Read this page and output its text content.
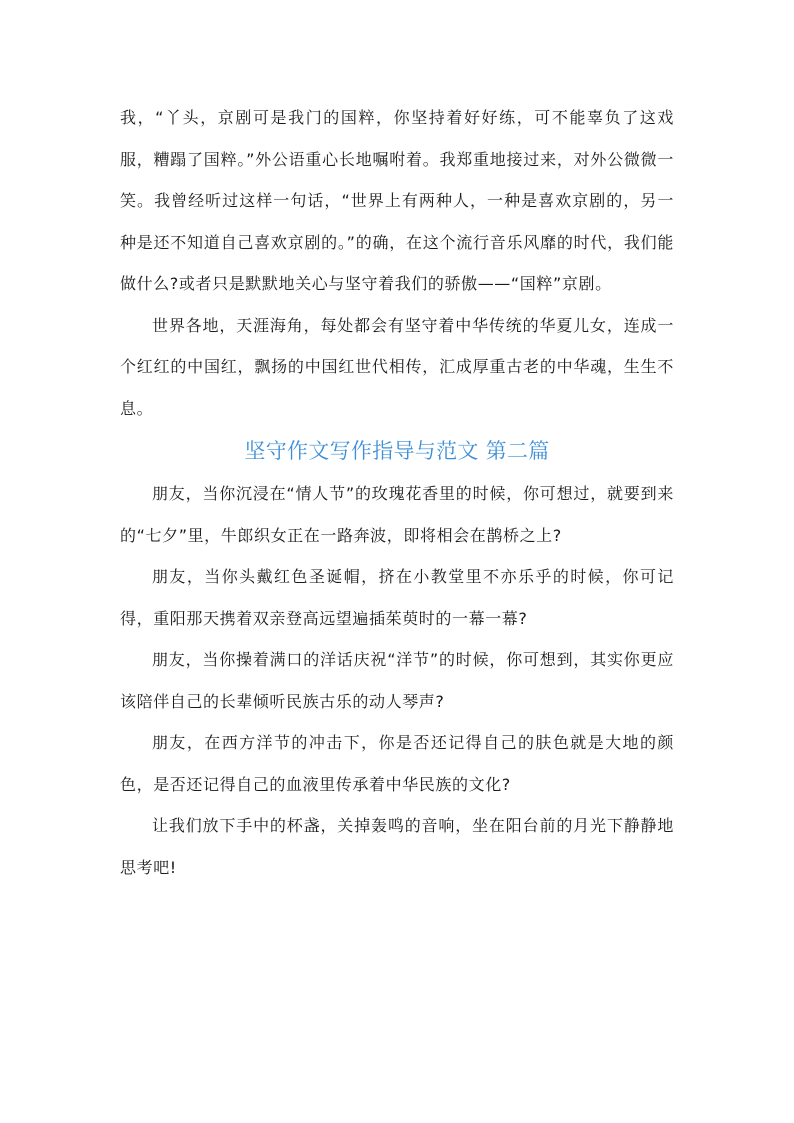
我，“丫头，京剧可是我门的国粹，你坚持着好好练，可不能辜负了这戏服，糟蹋了国粹。”外公语重心长地嘱咐着。我郑重地接过来，对外公微微一笑。我曾经听过这样一句话，“世界上有两种人，一种是喜欢京剧的，另一种是还不知道自己喜欢京剧的。”的确，在这个流行音乐风靡的时代，我们能做什么?或者只是默默地关心与坚守着我们的骄傲——“国粹”京剧。

世界各地，天涯海角，每处都会有坚守着中华传统的华夏儿女，连成一个红红的中国红，飘扬的中国红世代相传，汇成厚重古老的中华魂，生生不息。

坚守作文写作指导与范文 第二篇

朋友，当你沉浸在“情人节”的玫瑰花香里的时候，你可想过，就要到来的“七夕”里，牛郎织女正在一路奔波，即将相会在鹊桥之上?

朋友，当你头戴红色圣诞帽，挤在小教堂里不亦乐乎的时候，你可记得，重阳那天携着双亲登高远望遍插茱萸时的一幕一幕?

朋友，当你操着满口的洋话庆祝“洋节”的时候，你可想到，其实你更应该陪伴自己的长辈倾听民族古乐的动人琴声?

朋友，在西方洋节的冲击下，你是否还记得自己的肤色就是大地的颜色，是否还记得自己的血液里传承着中华民族的文化?

让我们放下手中的杯盏，关掉轰鸣的音响，坐在阳台前的月光下静静地思考吧!
